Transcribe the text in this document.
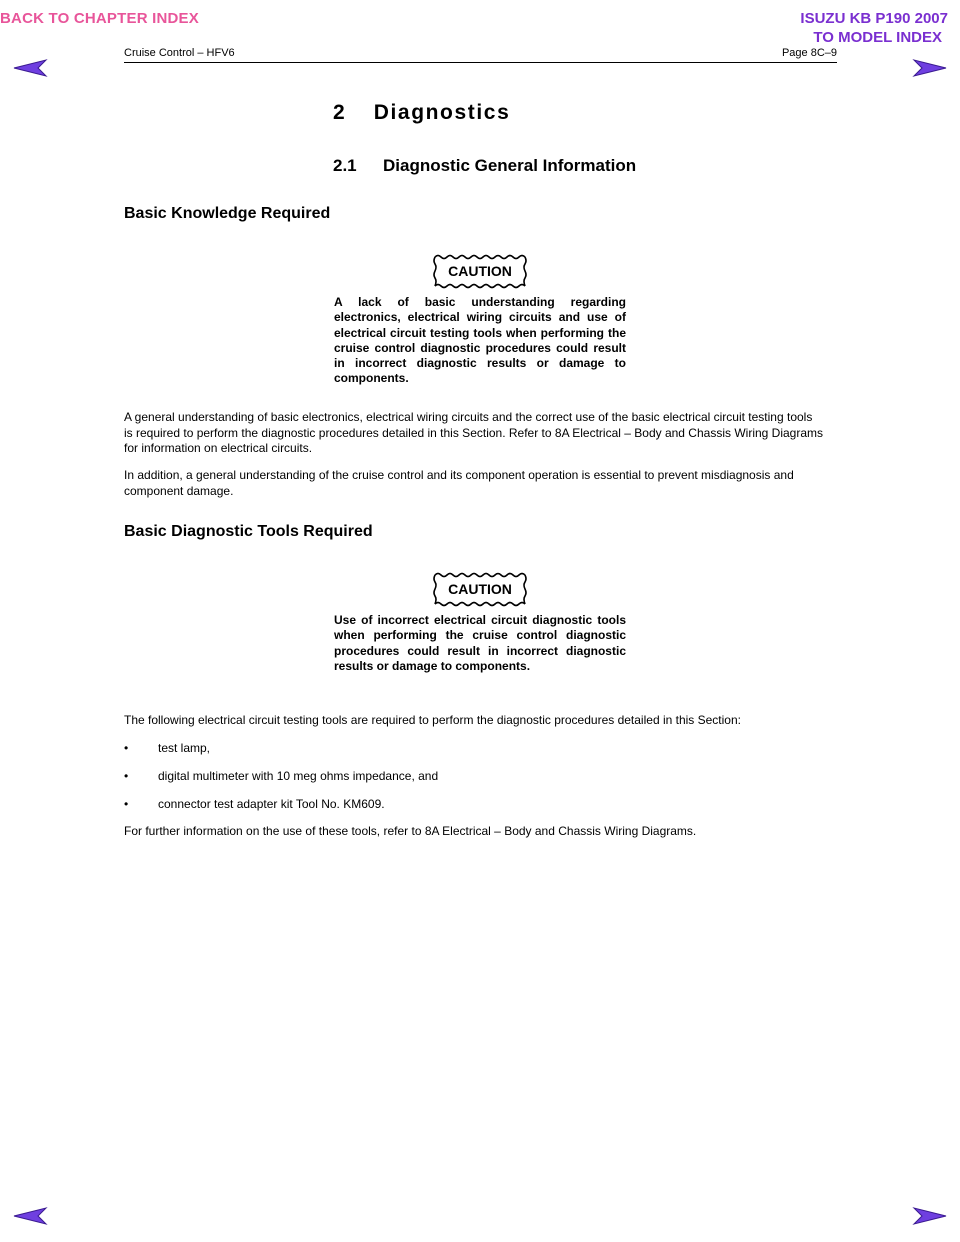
BACK TO CHAPTER INDEX	ISUZU KB P190 2007
TO MODEL INDEX
Cruise Control – HFV6	Page 8C–9
2 Diagnostics
2.1 Diagnostic General Information
Basic Knowledge Required
CAUTION
A lack of basic understanding regarding electronics, electrical wiring circuits and use of electrical circuit testing tools when performing the cruise control diagnostic procedures could result in incorrect diagnostic results or damage to components.
A general understanding of basic electronics, electrical wiring circuits and the correct use of the basic electrical circuit testing tools is required to perform the diagnostic procedures detailed in this Section. Refer to 8A Electrical – Body and Chassis Wiring Diagrams for information on electrical circuits.
In addition, a general understanding of the cruise control and its component operation is essential to prevent misdiagnosis and component damage.
Basic Diagnostic Tools Required
CAUTION
Use of incorrect electrical circuit diagnostic tools when performing the cruise control diagnostic procedures could result in incorrect diagnostic results or damage to components.
The following electrical circuit testing tools are required to perform the diagnostic procedures detailed in this Section:
• test lamp,
• digital multimeter with 10 meg ohms impedance, and
• connector test adapter kit Tool No. KM609.
For further information on the use of these tools, refer to 8A Electrical – Body and Chassis Wiring Diagrams.
